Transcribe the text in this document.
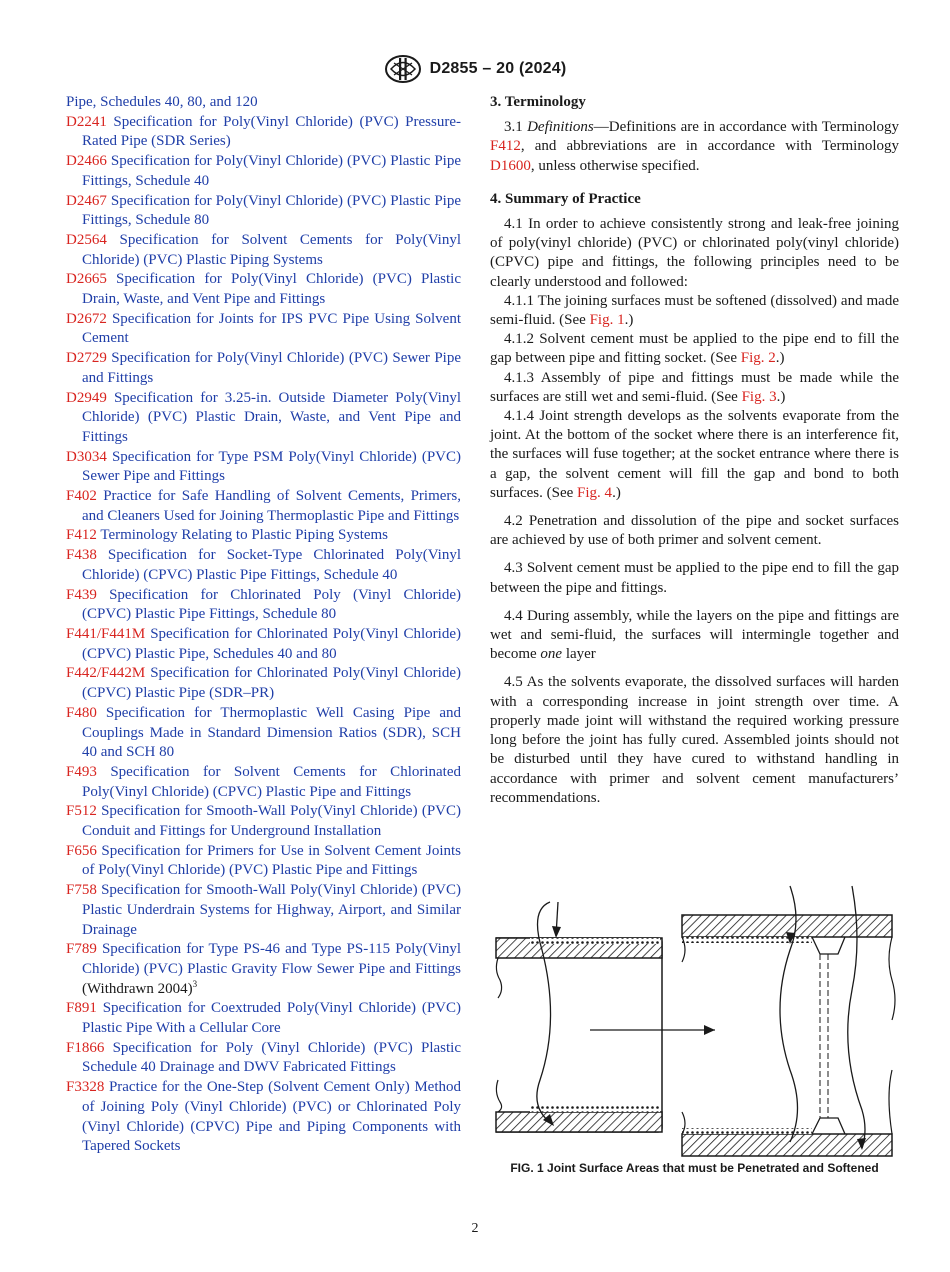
D2855 – 20 (2024)
Pipe, Schedules 40, 80, and 120
D2241 Specification for Poly(Vinyl Chloride) (PVC) Pressure-Rated Pipe (SDR Series)
D2466 Specification for Poly(Vinyl Chloride) (PVC) Plastic Pipe Fittings, Schedule 40
D2467 Specification for Poly(Vinyl Chloride) (PVC) Plastic Pipe Fittings, Schedule 80
D2564 Specification for Solvent Cements for Poly(Vinyl Chloride) (PVC) Plastic Piping Systems
D2665 Specification for Poly(Vinyl Chloride) (PVC) Plastic Drain, Waste, and Vent Pipe and Fittings
D2672 Specification for Joints for IPS PVC Pipe Using Solvent Cement
D2729 Specification for Poly(Vinyl Chloride) (PVC) Sewer Pipe and Fittings
D2949 Specification for 3.25-in. Outside Diameter Poly(Vinyl Chloride) (PVC) Plastic Drain, Waste, and Vent Pipe and Fittings
D3034 Specification for Type PSM Poly(Vinyl Chloride) (PVC) Sewer Pipe and Fittings
F402 Practice for Safe Handling of Solvent Cements, Primers, and Cleaners Used for Joining Thermoplastic Pipe and Fittings
F412 Terminology Relating to Plastic Piping Systems
F438 Specification for Socket-Type Chlorinated Poly(Vinyl Chloride) (CPVC) Plastic Pipe Fittings, Schedule 40
F439 Specification for Chlorinated Poly (Vinyl Chloride) (CPVC) Plastic Pipe Fittings, Schedule 80
F441/F441M Specification for Chlorinated Poly(Vinyl Chloride) (CPVC) Plastic Pipe, Schedules 40 and 80
F442/F442M Specification for Chlorinated Poly(Vinyl Chloride) (CPVC) Plastic Pipe (SDR–PR)
F480 Specification for Thermoplastic Well Casing Pipe and Couplings Made in Standard Dimension Ratios (SDR), SCH 40 and SCH 80
F493 Specification for Solvent Cements for Chlorinated Poly(Vinyl Chloride) (CPVC) Plastic Pipe and Fittings
F512 Specification for Smooth-Wall Poly(Vinyl Chloride) (PVC) Conduit and Fittings for Underground Installation
F656 Specification for Primers for Use in Solvent Cement Joints of Poly(Vinyl Chloride) (PVC) Plastic Pipe and Fittings
F758 Specification for Smooth-Wall Poly(Vinyl Chloride) (PVC) Plastic Underdrain Systems for Highway, Airport, and Similar Drainage
F789 Specification for Type PS-46 and Type PS-115 Poly(Vinyl Chloride) (PVC) Plastic Gravity Flow Sewer Pipe and Fittings (Withdrawn 2004)$^3$
F891 Specification for Coextruded Poly(Vinyl Chloride) (PVC) Plastic Pipe With a Cellular Core
F1866 Specification for Poly (Vinyl Chloride) (PVC) Plastic Schedule 40 Drainage and DWV Fabricated Fittings
F3328 Practice for the One-Step (Solvent Cement Only) Method of Joining Poly (Vinyl Chloride) (PVC) or Chlorinated Poly (Vinyl Chloride) (CPVC) Pipe and Piping Components with Tapered Sockets

3. Terminology

3.1 Definitions—Definitions are in accordance with Terminology F412, and abbreviations are in accordance with Terminology D1600, unless otherwise specified.

4. Summary of Practice

4.1 In order to achieve consistently strong and leak-free joining of poly(vinyl chloride) (PVC) or chlorinated poly(vinyl chloride) (CPVC) pipe and fittings, the following principles need to be clearly understood and followed:

4.1.1 The joining surfaces must be softened (dissolved) and made semi-fluid. (See Fig. 1.)

4.1.2 Solvent cement must be applied to the pipe end to fill the gap between pipe and fitting socket. (See Fig. 2.)

4.1.3 Assembly of pipe and fittings must be made while the surfaces are still wet and semi-fluid. (See Fig. 3.)

4.1.4 Joint strength develops as the solvents evaporate from the joint. At the bottom of the socket where there is an interference fit, the surfaces will fuse together; at the socket entrance where there is a gap, the solvent cement will fill the gap and bond to both surfaces. (See Fig. 4.)

4.2 Penetration and dissolution of the pipe and socket surfaces are achieved by use of both primer and solvent cement.

4.3 Solvent cement must be applied to the pipe end to fill the gap between the pipe and fittings.

4.4 During assembly, while the layers on the pipe and fittings are wet and semi-fluid, the surfaces will intermingle together and become one layer

4.5 As the solvents evaporate, the dissolved surfaces will harden with a corresponding increase in joint strength over time. A properly made joint will withstand the required working pressure long before the joint has fully cured. Assembled joints should not be disturbed until they have cured to withstand handling in accordance with primer and solvent cement manufacturers’ recommendations.

FIG. 1 Joint Surface Areas that must be Penetrated and Softened
2
